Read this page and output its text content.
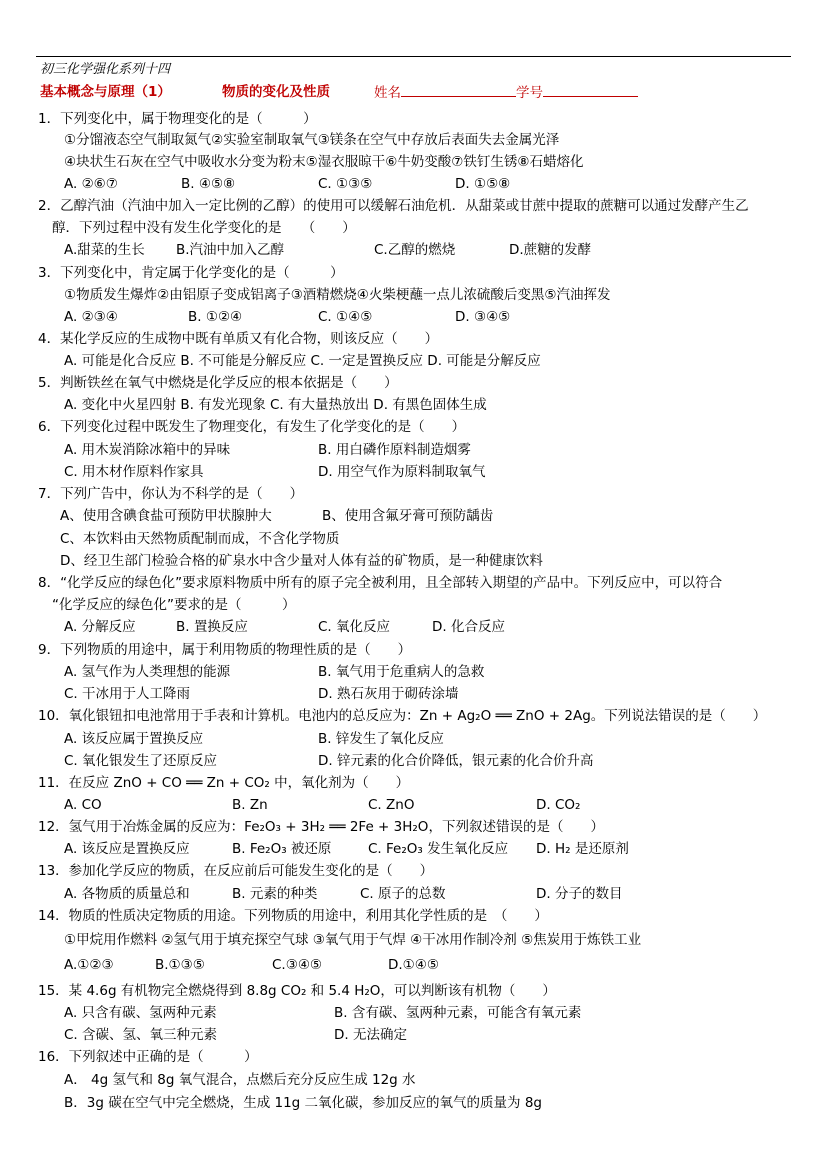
初三化学强化系列十四
基本概念与原理（1）	物质的变化及性质	姓名	学号
1．下列变化中，属于物理变化的是（　　　）
①分馏液态空气制取氮气②实验室制取氧气③镁条在空气中存放后表面失去金属光泽
④块状生石灰在空气中吸收水分变为粉末⑤湿衣服晾干⑥牛奶变酸⑦铁钉生锈⑧石蜡熔化
A. ②⑥⑦	B. ④⑤⑧	C. ①③⑤	D. ①⑤⑧
2．乙醇汽油（汽油中加入一定比例的乙醇）的使用可以缓解石油危机．从甜菜或甘蔗中提取的蔗糖可以通过发酵产生乙
醇．下列过程中没有发生化学变化的是　　（　　）
A.甜菜的生长 B.汽油中加入乙醇	C.乙醇的燃烧	D.蔗糖的发酵
3．下列变化中，肯定属于化学变化的是（　　　）
①物质发生爆炸②由铝原子变成铝离子③酒精燃烧④火柴梗蘸一点儿浓硫酸后变黑⑤汽油挥发
A. ②③④	B. ①②④	C. ①④⑤	D. ③④⑤
4．某化学反应的生成物中既有单质又有化合物，则该反应（　　）
A. 可能是化合反应 B. 不可能是分解反应 C. 一定是置换反应 D. 可能是分解反应
5．判断铁丝在氧气中燃烧是化学反应的根本依据是（　　）
A. 变化中火星四射 B. 有发光现象 C. 有大量热放出 D. 有黑色固体生成
6．下列变化过程中既发生了物理变化，有发生了化学变化的是（　　）
A. 用木炭消除冰箱中的异味	B. 用白磷作原料制造烟雾
C. 用木材作原料作家具	D. 用空气作为原料制取氧气
7．下列广告中，你认为不科学的是（　　）
A、使用含碘食盐可预防甲状腺肿大	B、使用含氟牙膏可预防龋齿
C、本饮料由天然物质配制而成，不含化学物质
D、经卫生部门检验合格的矿泉水中含少量对人体有益的矿物质，是一种健康饮料
8．“化学反应的绿色化”要求原料物质中所有的原子完全被利用，且全部转入期望的产品中。下列反应中，可以符合
“化学反应的绿色化”要求的是（　　　）
A. 分解反应	B. 置换反应	C. 氧化反应	D. 化合反应
9．下列物质的用途中，属于利用物质的物理性质的是（　　）
A. 氢气作为人类理想的能源	B. 氧气用于危重病人的急救
C. 干冰用于人工降雨	D. 熟石灰用于砌砖涂墙
10．氧化银钮扣电池常用于手表和计算机。电池内的总反应为：Zn + Ag₂O ══ ZnO + 2Ag。下列说法错误的是（　　）
A. 该反应属于置换反应	B. 锌发生了氧化反应
C. 氧化银发生了还原反应	D. 锌元素的化合价降低，银元素的化合价升高
11．在反应 ZnO + CO ══ Zn + CO₂ 中，氧化剂为（　　）
A. CO	B. Zn	C. ZnO	D. CO₂
12．氢气用于冶炼金属的反应为：Fe₂O₃ + 3H₂ ══ 2Fe + 3H₂O，下列叙述错误的是（　　）
A. 该反应是置换反应	B. Fe₂O₃ 被还原	C. Fe₂O₃ 发生氧化反应 D. H₂ 是还原剂
13．参加化学反应的物质，在反应前后可能发生变化的是（　　）
A. 各物质的质量总和	B. 元素的种类	C. 原子的总数	D. 分子的数目
14．物质的性质决定物质的用途。下列物质的用途中，利用其化学性质的是　（　　）
①甲烷用作燃料 ②氢气用于填充探空气球 ③氧气用于气焊 ④干冰用作制冷剂 ⑤焦炭用于炼铁工业
A.①②③	B.①③⑤	C.③④⑤	D.①④⑤
15．某 4.6g 有机物完全燃烧得到 8.8g CO₂ 和 5.4 H₂O，可以判断该有机物（　　）
A. 只含有碳、氢两种元素	B. 含有碳、氢两种元素，可能含有氧元素
C. 含碳、氢、氧三种元素	D. 无法确定
16．下列叙述中正确的是（　　　）
A． 4g 氢气和 8g 氧气混合，点燃后充分反应生成 12g 水
B．3g 碳在空气中完全燃烧，生成 11g 二氧化碳，参加反应的氧气的质量为 8g
